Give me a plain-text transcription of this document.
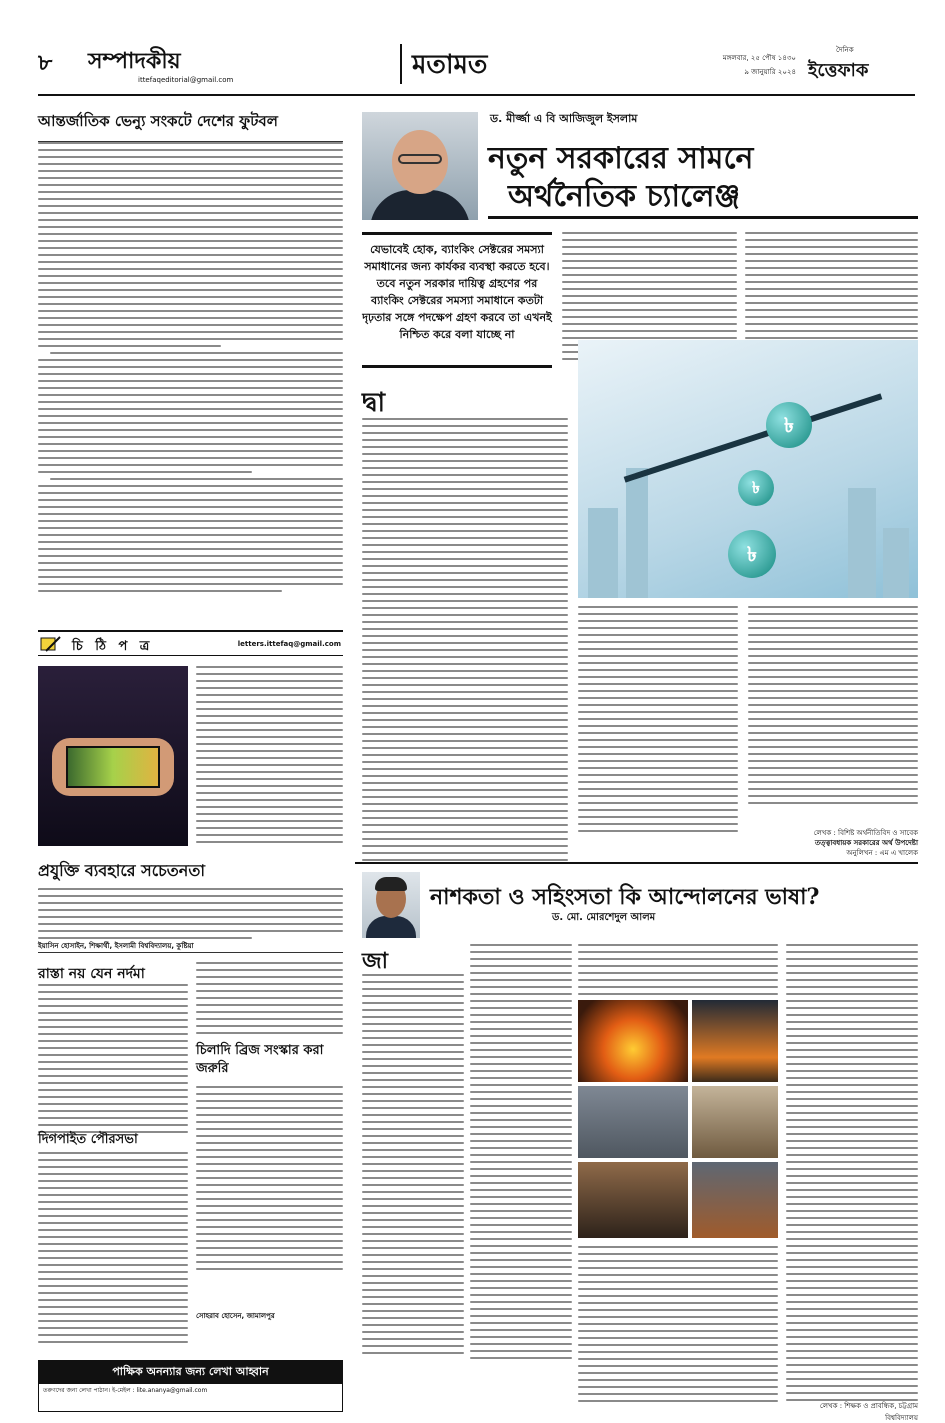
৮ সম্পাদকীয়
ittefaqeditorial@gmail.com	মতামত	মঙ্গলবার, ২৫ পৌষ ১৪৩০
৯ জানুয়ারি ২০২৪
দৈনিক
ইত্তেফাক
আন্তর্জাতিক ভেন্যু সংকটে দেশের ফুটবল	ড. মীর্জ্জা এ বি আজিজুল ইসলাম
নতুন সরকারের সামনে
অর্থনৈতিক চ্যালেঞ্জ
যেভাবেই হোক, ব্যাংকিং সেক্টরের সমস্যা সমাধানের জন্য কার্যকর ব্যবস্থা করতে হবে। তবে নতুন সরকার দায়িত্ব গ্রহণের পর ব্যাংকিং সেক্টরের সমস্যা সমাধানে কতটা দৃঢ়তার সঙ্গে পদক্ষেপ গ্রহণ করবে তা এখনই নিশ্চিত করে বলা যাচ্ছে না
দ্বা
৳
৳
৳
লেখক : বিশিষ্ট অর্থনীতিবিদ ও সাবেক
তত্ত্বাবধায়ক সরকারের অর্থ উপদেষ্টা
অনুলিখন : এম এ খালেক
চি ঠি প ত্র	letters.ittefaq@gmail.com
প্রযুক্তি ব্যবহারে সচেতনতা
ইয়াসিন হোসাইন, শিক্ষার্থী, ইসলামী বিশ্ববিদ্যালয়, কুষ্টিয়া
রাস্তা নয় যেন নর্দমা
দিগপাইত পৌরসভা
সোহরাব হোসেন, জামালপুর
চিলাদি ব্রিজ সংস্কার করা জরুরি
পাক্ষিক অনন্যার জন্য লেখা আহ্বান
তরুণদের জন্য লেখা পাঠান। ই-মেইল : lite.ananya@gmail.com
নাশকতা ও সহিংসতা কি আন্দোলনের ভাষা?
ড. মো. মোরশেদুল আলম
জা
লেখক : শিক্ষক ও প্রাবন্ধিক, চট্টগ্রাম বিশ্ববিদ্যালয়
